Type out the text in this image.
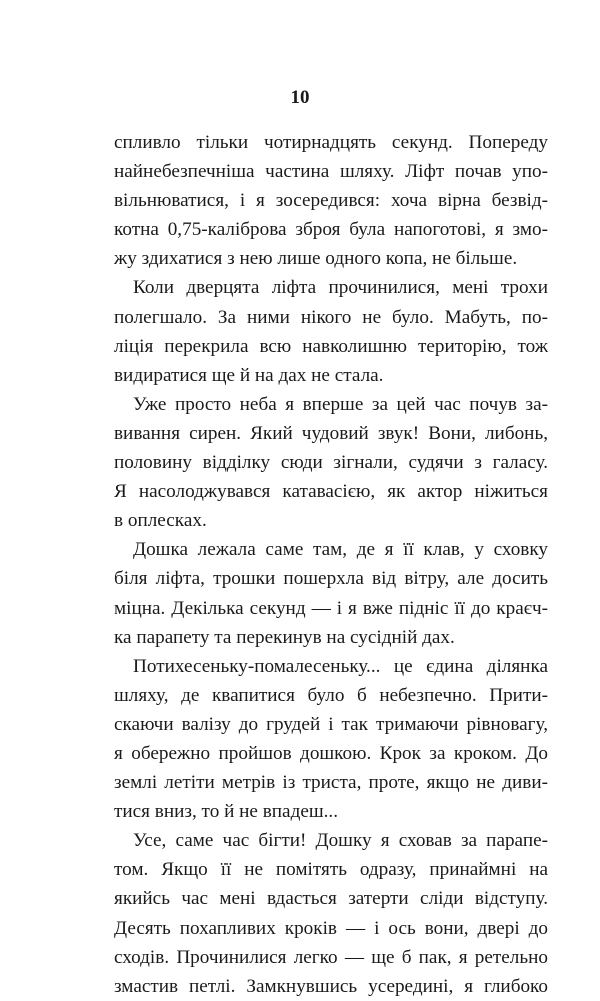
10
спливло тільки чотирнадцять секунд. Попереду
найнебезпечніша частина шляху. Ліфт почав упо-
вільнюватися, і я зосередився: хоча вірна безвід-
котна 0,75-каліброва зброя була напоготові, я змо-
жу здихатися з нею лише одного копа, не більше.
Коли дверцята ліфта прочинилися, мені трохи
полегшало. За ними нікого не було. Мабуть, по-
ліція перекрила всю навколишню територію, тож
видиратися ще й на дах не стала.
Уже просто неба я вперше за цей час почув за-
вивання сирен. Який чудовий звук! Вони, либонь,
половину відділку сюди зігнали, судячи з галасу.
Я насолоджувався катавасією, як актор ніжиться
в оплесках.
Дошка лежала саме там, де я її клав, у сховку
біля ліфта, трошки пошерхла від вітру, але досить
міцна. Декілька секунд — і я вже підніс її до краєч-
ка парапету та перекинув на сусідній дах.
Потихесеньку-помалесеньку... це єдина ділянка
шляху, де квапитися було б небезпечно. Прити-
скаючи валізу до грудей і так тримаючи рівновагу,
я обережно пройшов дошкою. Крок за кроком. До
землі летіти метрів із триста, проте, якщо не диви-
тися вниз, то й не впадеш...
Усе, саме час бігти! Дошку я сховав за парапе-
том. Якщо її не помітять одразу, принаймні на
якийсь час мені вдасться затерти сліди відступу.
Десять похапливих кроків — і ось вони, двері до
сходів. Прочинилися легко — ще б пак, я ретельно
змастив петлі. Замкнувшись усередині, я глибоко
